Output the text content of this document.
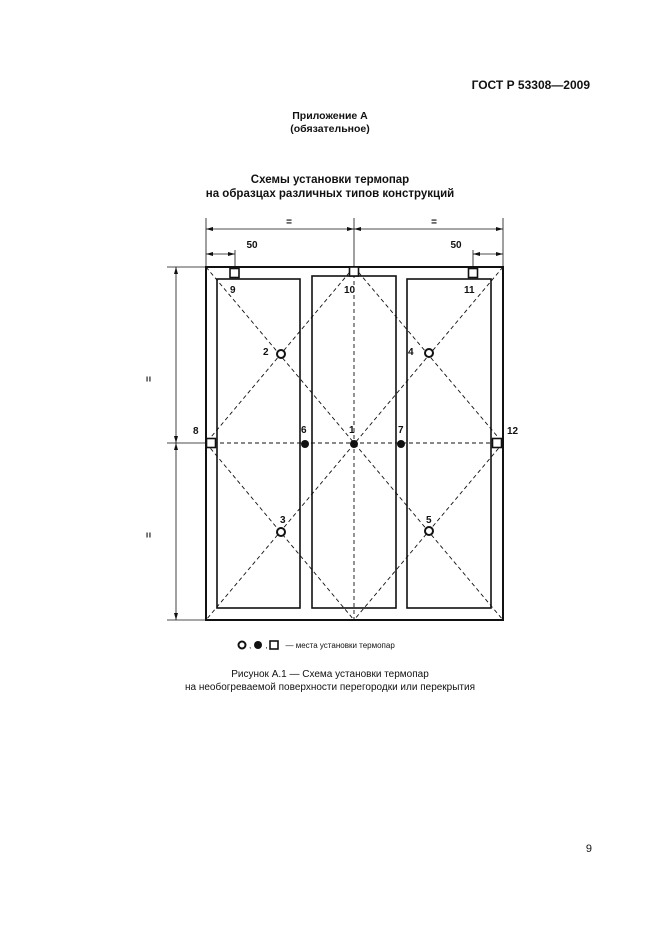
ГОСТ Р 53308—2009
Приложение А
(обязательное)
Схемы установки термопар
на образцах различных типов конструкций
=	=
50	50
=
=
1
2
3
4
5
6	7
8
9	10	11
12
, , — места установки термопар
Рисунок А.1 — Схема установки термопар
на необогреваемой поверхности перегородки или перекрытия
9
